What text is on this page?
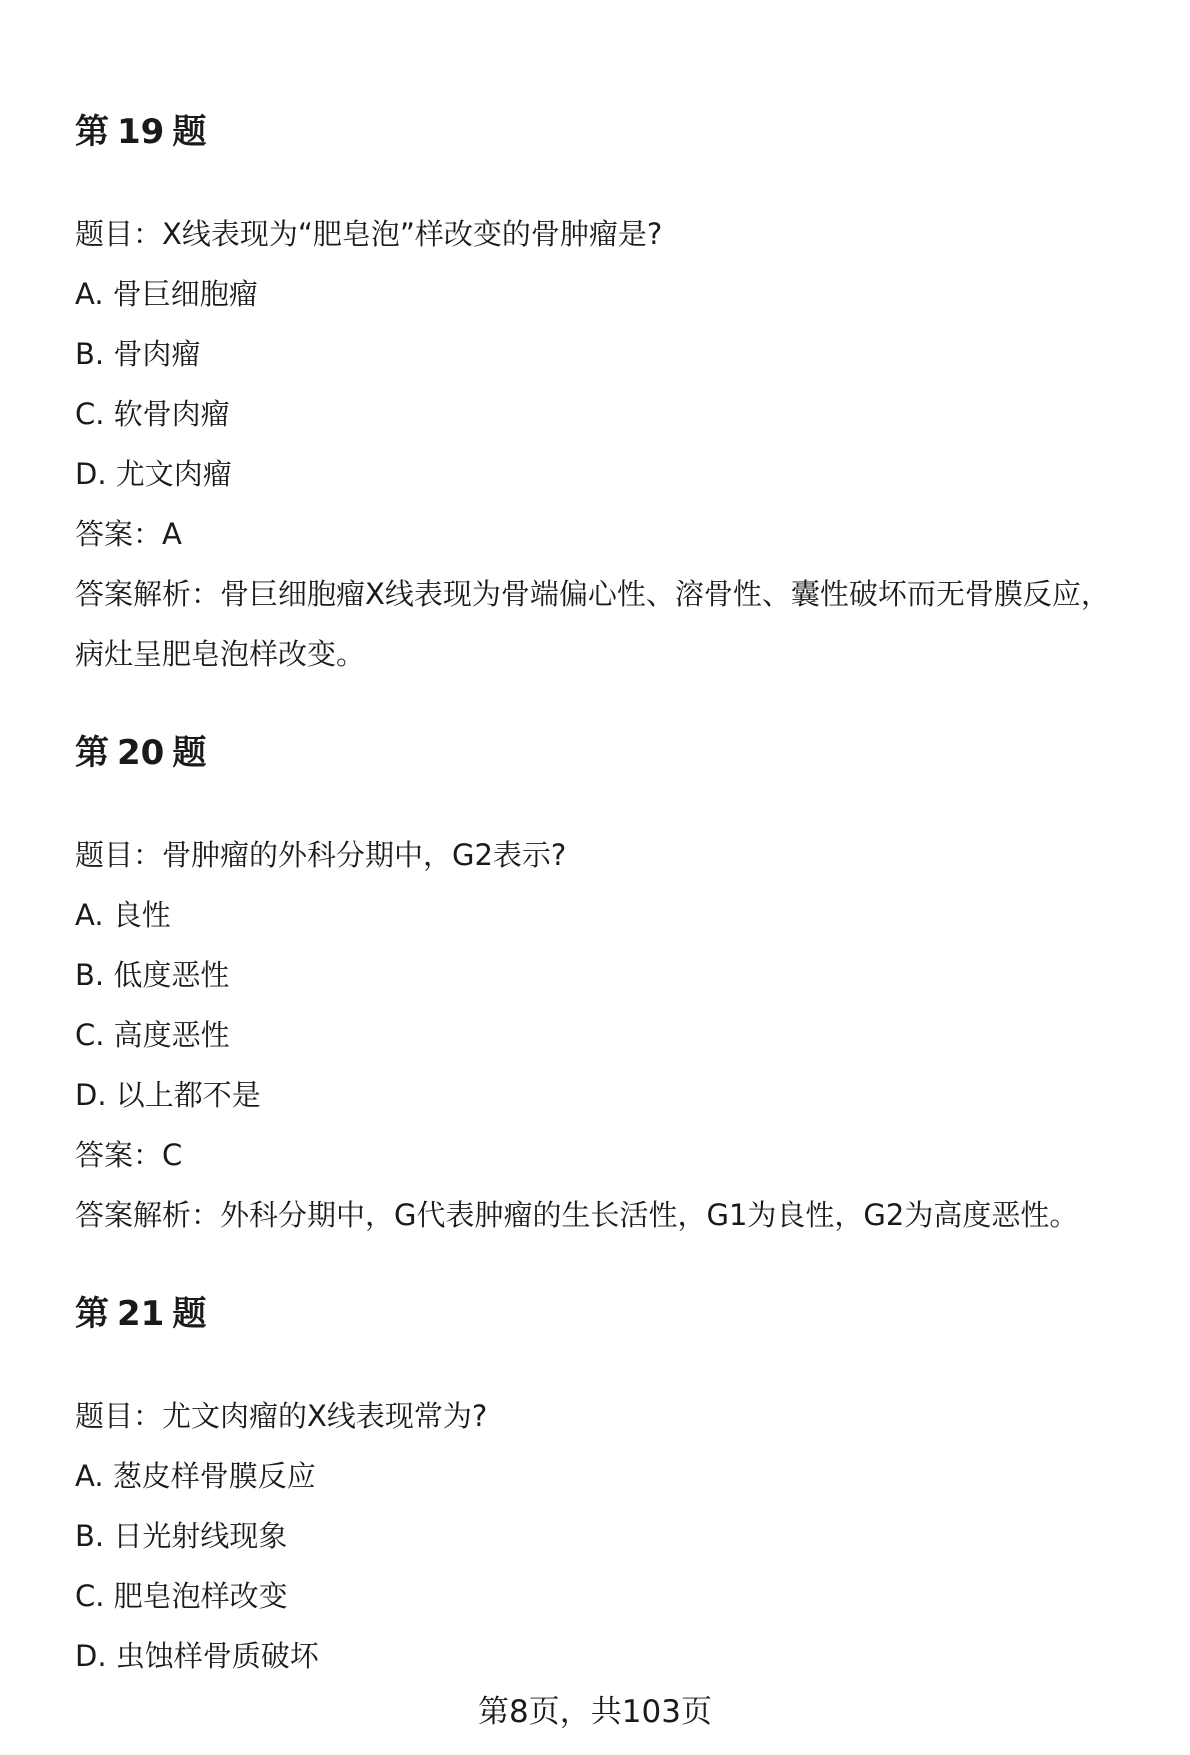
第 19 题
题目：X线表现为“肥皂泡”样改变的骨肿瘤是?
A. 骨巨细胞瘤
B. 骨肉瘤
C. 软骨肉瘤
D. 尤文肉瘤
答案：A
答案解析：骨巨细胞瘤X线表现为骨端偏心性、溶骨性、囊性破坏而无骨膜反应，病灶呈肥皂泡样改变。
第 20 题
题目：骨肿瘤的外科分期中，G2表示?
A. 良性
B. 低度恶性
C. 高度恶性
D. 以上都不是
答案：C
答案解析：外科分期中，G代表肿瘤的生长活性，G1为良性，G2为高度恶性。
第 21 题
题目：尤文肉瘤的X线表现常为?
A. 葱皮样骨膜反应
B. 日光射线现象
C. 肥皂泡样改变
D. 虫蚀样骨质破坏
第8页，共103页
